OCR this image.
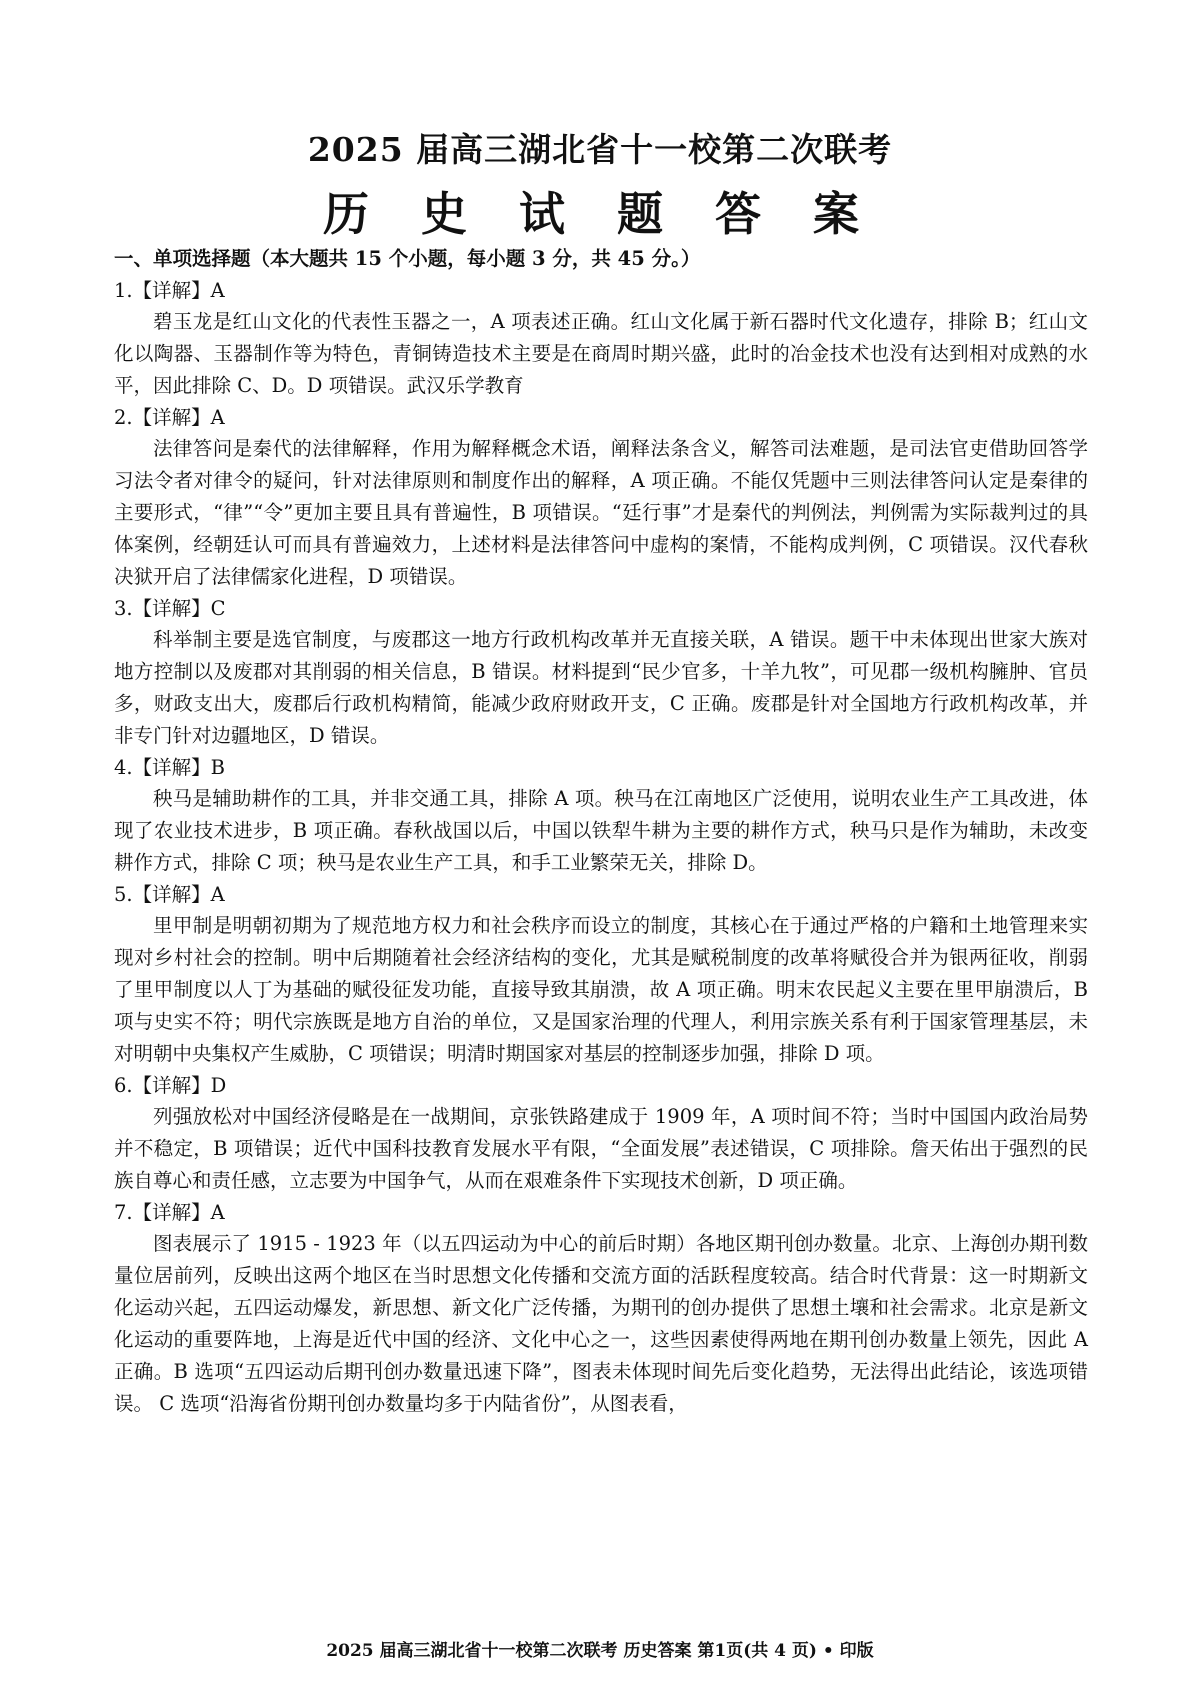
2025 届高三湖北省十一校第二次联考
历 史 试 题 答 案
一、单项选择题（本大题共 15 个小题，每小题 3 分，共 45 分。）
1.【详解】A

碧玉龙是红山文化的代表性玉器之一，A 项表述正确。红山文化属于新石器时代文化遗存，排除 B；红山文化以陶器、玉器制作等为特色，青铜铸造技术主要是在商周时期兴盛，此时的冶金技术也没有达到相对成熟的水平，因此排除 C、D。D 项错误。武汉乐学教育

2.【详解】A

法律答问是秦代的法律解释，作用为解释概念术语，阐释法条含义，解答司法难题，是司法官吏借助回答学习法令者对律令的疑问，针对法律原则和制度作出的解释，A 项正确。不能仅凭题中三则法律答问认定是秦律的主要形式，“律”“令”更加主要且具有普遍性，B 项错误。“廷行事”才是秦代的判例法，判例需为实际裁判过的具体案例，经朝廷认可而具有普遍效力，上述材料是法律答问中虚构的案情，不能构成判例，C 项错误。汉代春秋决狱开启了法律儒家化进程，D 项错误。

3.【详解】C

科举制主要是选官制度，与废郡这一地方行政机构改革并无直接关联，A 错误。题干中未体现出世家大族对地方控制以及废郡对其削弱的相关信息，B 错误。材料提到“民少官多，十羊九牧”，可见郡一级机构臃肿、官员多，财政支出大，废郡后行政机构精简，能减少政府财政开支，C 正确。废郡是针对全国地方行政机构改革，并非专门针对边疆地区，D 错误。

4.【详解】B

秧马是辅助耕作的工具，并非交通工具，排除 A 项。秧马在江南地区广泛使用，说明农业生产工具改进，体现了农业技术进步，B 项正确。春秋战国以后，中国以铁犁牛耕为主要的耕作方式，秧马只是作为辅助，未改变耕作方式，排除 C 项；秧马是农业生产工具，和手工业繁荣无关，排除 D。

5.【详解】A

里甲制是明朝初期为了规范地方权力和社会秩序而设立的制度，其核心在于通过严格的户籍和土地管理来实现对乡村社会的控制。明中后期随着社会经济结构的变化，尤其是赋税制度的改革将赋役合并为银两征收，削弱了里甲制度以人丁为基础的赋役征发功能，直接导致其崩溃，故 A 项正确。明末农民起义主要在里甲崩溃后，B 项与史实不符；明代宗族既是地方自治的单位，又是国家治理的代理人，利用宗族关系有利于国家管理基层，未对明朝中央集权产生威胁，C 项错误；明清时期国家对基层的控制逐步加强，排除 D 项。

6.【详解】D

列强放松对中国经济侵略是在一战期间，京张铁路建成于 1909 年，A 项时间不符；当时中国国内政治局势并不稳定，B 项错误；近代中国科技教育发展水平有限，“全面发展”表述错误，C 项排除。詹天佑出于强烈的民族自尊心和责任感，立志要为中国争气，从而在艰难条件下实现技术创新，D 项正确。

7.【详解】A

图表展示了 1915 - 1923 年（以五四运动为中心的前后时期）各地区期刊创办数量。北京、上海创办期刊数量位居前列，反映出这两个地区在当时思想文化传播和交流方面的活跃程度较高。结合时代背景：这一时期新文化运动兴起，五四运动爆发，新思想、新文化广泛传播，为期刊的创办提供了思想土壤和社会需求。北京是新文化运动的重要阵地，上海是近代中国的经济、文化中心之一，这些因素使得两地在期刊创办数量上领先，因此 A 正确。B 选项“五四运动后期刊创办数量迅速下降”，图表未体现时间先后变化趋势，无法得出此结论，该选项错误。 C 选项“沿海省份期刊创办数量均多于内陆省份”，从图表看，

2025 届高三湖北省十一校第二次联考 历史答案 第1页(共 4 页) • 印版
